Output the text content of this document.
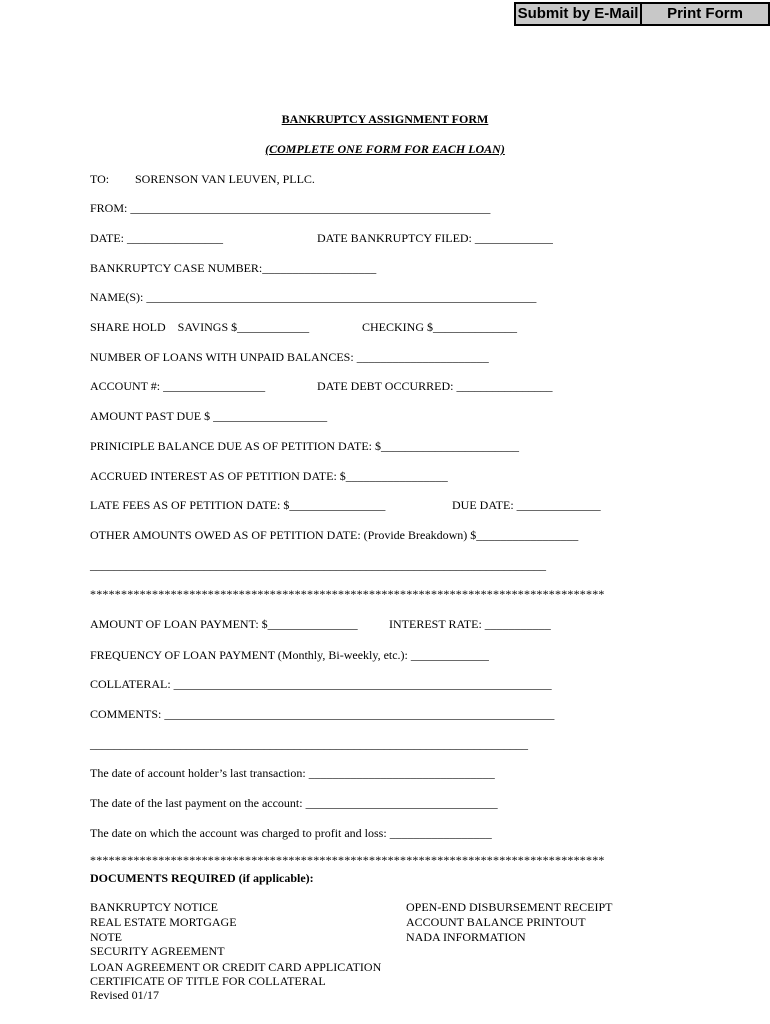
Submit by E-Mail	Print Form
BANKRUPTCY ASSIGNMENT FORM
(COMPLETE ONE FORM FOR EACH LOAN)
TO: SORENSON VAN LEUVEN, PLLC.
FROM: ____________________________________________________________
DATE: ________________	DATE BANKRUPTCY FILED: _____________
BANKRUPTCY CASE NUMBER:___________________
NAME(S): _________________________________________________________________
SHARE HOLD    SAVINGS $____________	CHECKING $______________
NUMBER OF LOANS WITH UNPAID BALANCES: ______________________
ACCOUNT #: _________________	DATE DEBT OCCURRED: ________________
AMOUNT PAST DUE $ ___________________
PRINICIPLE BALANCE DUE AS OF PETITION DATE: $_______________________
ACCRUED INTEREST AS OF PETITION DATE: $_________________
LATE FEES AS OF PETITION DATE: $________________	DUE DATE: ______________
OTHER AMOUNTS OWED AS OF PETITION DATE: (Provide Breakdown) $_________________
____________________________________________________________________________
***********************************************************************************
AMOUNT OF LOAN PAYMENT: $_______________	INTEREST RATE: ___________
FREQUENCY OF LOAN PAYMENT (Monthly, Bi-weekly, etc.): _____________
COLLATERAL: _______________________________________________________________
COMMENTS: _________________________________________________________________
_________________________________________________________________________
The date of account holder’s last transaction: _______________________________
The date of the last payment on the account: ________________________________
The date on which the account was charged to profit and loss: _________________
***********************************************************************************
DOCUMENTS REQUIRED (if applicable):
BANKRUPTCY NOTICE
REAL ESTATE MORTGAGE
NOTE
SECURITY AGREEMENT
LOAN AGREEMENT OR CREDIT CARD APPLICATION
CERTIFICATE OF TITLE FOR COLLATERAL
OPEN-END DISBURSEMENT RECEIPT
ACCOUNT BALANCE PRINTOUT
NADA INFORMATION
Revised 01/17
